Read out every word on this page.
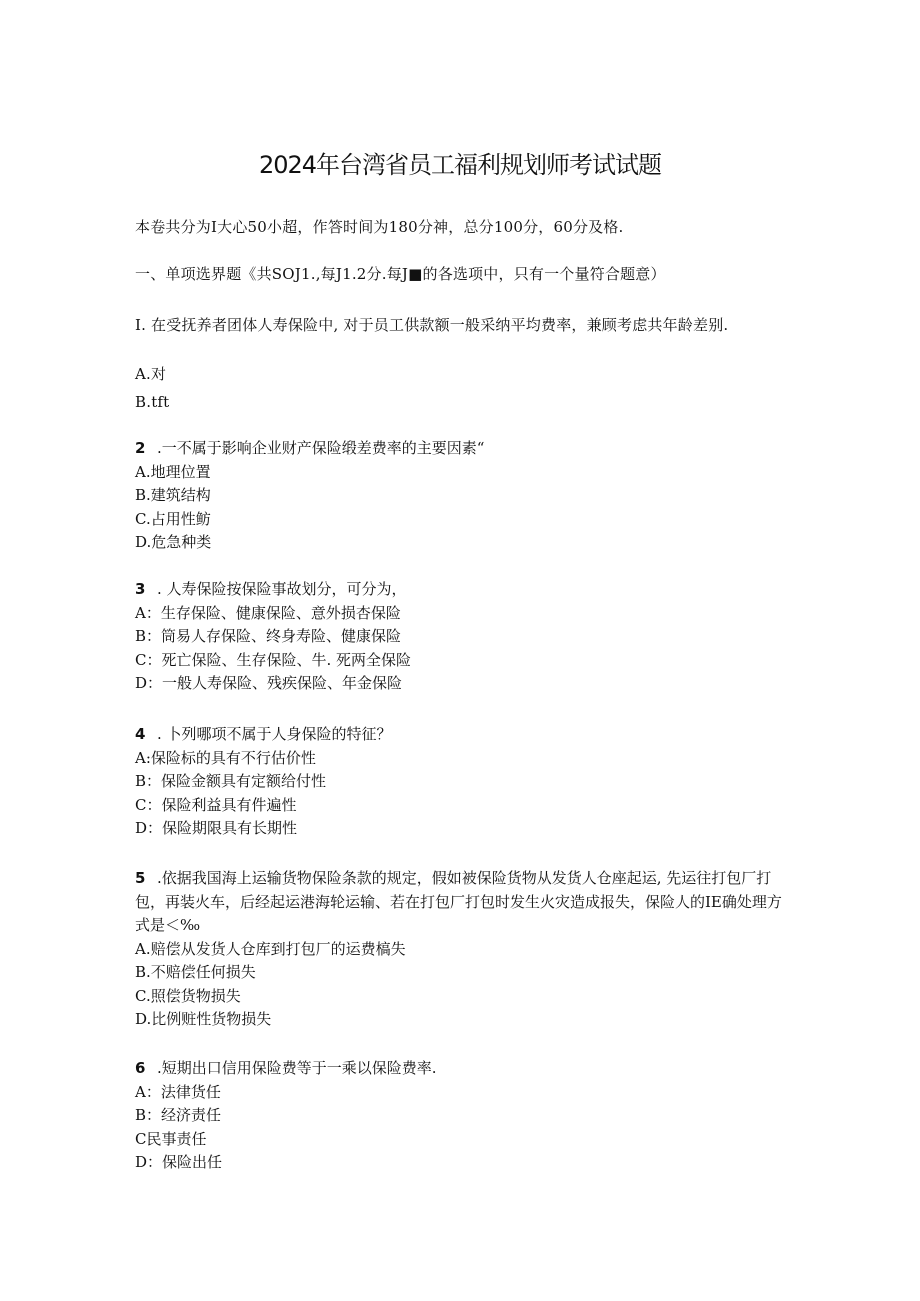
2024年台湾省员工福利规划师考试试题
本卷共分为I大心50小超，作答时间为180分神，总分100分，60分及格.
一、单项选界题《共SOJ1.,每J1.2分.每J■的各选项中，只有一个量符合题意）
I. 在受抚养者团体人寿保险中, 对于员工供款额一般采纳平均费率，兼顾考虑共年龄差别.
A.对
B.tft
2 .一不属于影响企业财产保险缎差费率的主要因素“
A.地理位置
B.建筑结构
C.占用性鲂
D.危急种类
3 . 人寿保险按保险事故划分，可分为，
A：生存保险、健康保险、意外损杏保险
B：筒易人存保险、终身寿险、健康保险
C：死亡保险、生存保险、牛. 死两全保险
D：一般人寿保险、残疾保险、年金保险
4 . 卜列哪项不属于人身保险的特征？
A:保险标的具有不行估价性
B：保险金额具有定额给付性
C：保险利益具有件遍性
D：保险期限具有长期性
5 .依据我国海上运输货物保险条款的规定，假如被保险货物从发货人仓座起运, 先运往打包厂打包，再装火车，后经起运港海轮运输、若在打包厂打包时发生火灾造成报失，保险人的IE确处理方式是＜‰
A.赔偿从发货人仓库到打包厂的运费槁失
B.不赔偿任何损失
C.照偿货物损失
D.比例赃性货物损失
6 .短期出口信用保险费等于一乘以保险费率.
A：法律货任
B：经济责任
C民事责任
D：保险出任
